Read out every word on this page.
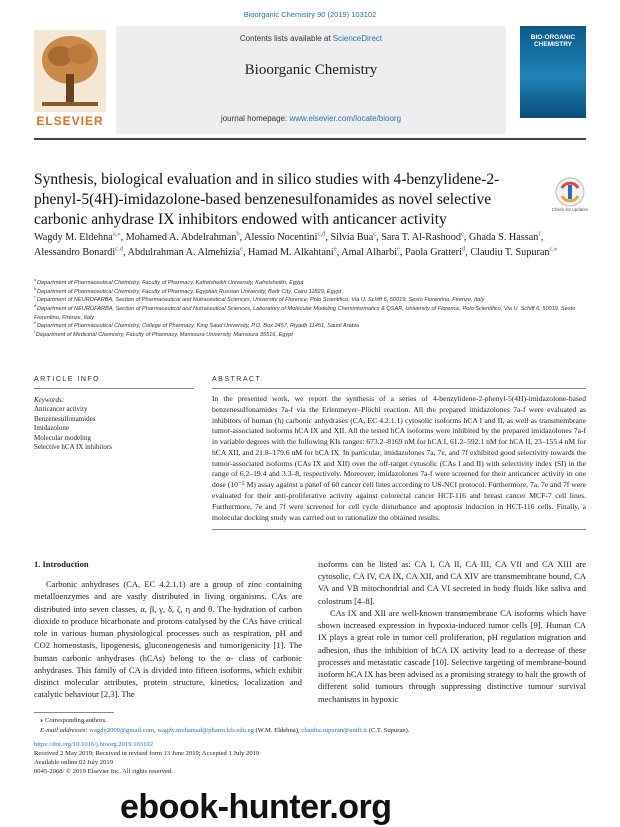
Bioorganic Chemistry 90 (2019) 103102
ELSEVIER
Contents lists available at ScienceDirect
Bioorganic Chemistry
journal homepage: www.elsevier.com/locate/bioorg
BIO-ORGANIC CHEMISTRY
Synthesis, biological evaluation and in silico studies with 4-benzylidene-2-phenyl-5(4H)-imidazolone-based benzenesulfonamides as novel selective carbonic anhydrase IX inhibitors endowed with anticancer activity
Check for updates
Wagdy M. Eldehna$^{a,⁎}$, Mohamed A. Abdelrahman$^b$, Alessio Nocentini$^{c,d}$, Silvia Bua$^c$, Sara T. Al-Rashood$^e$, Ghada S. Hassan$^f$, Alessandro Bonardi$^{c,d}$, Abdulrahman A. Almehizia$^e$, Hamad M. Alkahtani$^e$, Amal Alharbi$^e$, Paola Gratteri$^d$, Claudiu T. Supuran$^{c,⁎}$
$^a$ Department of Pharmaceutical Chemistry, Faculty of Pharmacy, Kafrelsheikh University, Kafrelsheikh, Egypt
$^b$ Department of Pharmaceutical Chemistry, Faculty of Pharmacy, Egyptian Russian University, Badr City, Cairo 11829, Egypt
$^c$ Department of NEUROFARBA, Section of Pharmaceutical and Nutraceutical Sciences, University of Florence, Polo Scientifico, Via U. Schiff 6, 50019, Sesto Fiorentino, Firenze, Italy
$^d$ Department of NEUROFARBA, Section of Pharmaceutical and Nutraceutical Sciences, Laboratory of Molecular Modeling Cheminformatics & QSAR, University of Florence, Polo Scientifico, Via U. Schiff 6, 50019, Sesto Fiorentino, Firenze, Italy
$^e$ Department of Pharmaceutical Chemistry, College of Pharmacy, King Saud University, P.O. Box 2457, Riyadh 11451, Saudi Arabia
$^f$ Department of Medicinal Chemistry, Faculty of Pharmacy, Mansoura University, Mansoura 35516, Egypt
ARTICLE INFO	ABSTRACT
Keywords:
Anticancer activity
Benzenesulfonamides
Imidazolone
Molecular modeling
Selective hCA IX inhibitors
In the presented work, we report the synthesis of a series of 4-benzylidene-2-phenyl-5(4H)-imidazolone-based benzenesulfonamides 7a-f via the Erlenmeyer–Plöchl reaction. All the prepared imidazolones 7a-f were evaluated as inhibitors of human (h) carbonic anhydrases (CA, EC 4.2.1.1) cytosolic isoforms hCA I and II, as well as transmembrane tumor-associated isoforms hCA IX and XII. All the tested hCA isoforms were inhibited by the prepared imidazolones 7a-f in variable degrees with the following KIs ranges: 673.2–8169 nM for hCA I, 61.2–592.1 nM for hCA II, 23–155.4 nM for hCA XII, and 21.8–179.6 nM for hCA IX. In particular, imidazolones 7a, 7e, and 7f exhibited good selectivity towards the tumor-associated isoforms (CAs IX and XII) over the off-target cytosolic (CAs I and II) with selectivity index (SI) in the range of 6.2–19.4 and 3.3–8, respectively. Moreover, imidazolones 7a-f were screened for their anticancer activity in one dose (10⁻⁵ M) assay against a panel of 60 cancer cell lines according to US-NCI protocol. Furthermore, 7a, 7e and 7f were evaluated for their anti-proliferative activity against colorectal cancer HCT-116 and breast cancer MCF-7 cell lines. Furthermore, 7e and 7f were screened for cell cycle disturbance and apoptosis induction in HCT-116 cells. Finally, a molecular docking study was carried out to rationalize the obtained results.
1. Introduction

Carbonic anhydrases (CA, EC 4.2.1.1) are a group of zinc containing metalloenzymes and are vastly distributed in living organisms. CAs are distributed into seven classes, α, β, γ, δ, ζ, η and θ. The hydration of carbon dioxide to produce bicarbonate and protons catalysed by the CAs have critical role in various human physiological processes such as respiration, pH and CO2 homeostasis, lipogenesis, gluconeogenesis and tumorigenicity [1]. The human carbonic anhydrases (hCAs) belong to the α- class of carbonic anhydrases. This family of CA is divided into fifteen isoforms, which exhibit distinct molecular attributes, protein structure, kinetics, localization and catalytic behaviour [2,3]. The

isoforms can be listed as: CA I, CA II, CA III, CA VII and CA XIII are cytosolic, CA IV, CA IX, CA XII, and CA XIV are transmembrane bound, CA VA and VB mitochondrial and CA VI secreted in body fluids like saliva and colostrum [4–8].

CAs IX and XII are well-known transmembrane CA isoforms which have shown increased expression in hypoxia-induced tumor cells [9]. Human CA IX plays a great role in tumor cell proliferation, pH regulation migration and adhesion, thus the inhibition of hCA IX activity lead to a decrease of these processes and metastatic cascade [10]. Selective targeting of membrane-bound isoform hCA IX has been advised as a promising strategy to halt the growth of different solid tumours through suppressing distinctive tumour survival mechanisms in hypoxic

⁎ Corresponding authors.
E-mail addresses: wagdy2000@gmail.com, wagdy.mohamad@pharm.kfs.edu.eg (W.M. Eldehna), claudiu.supuran@unifi.it (C.T. Supuran).
https://doi.org/10.1016/j.bioorg.2019.103102
Received 2 May 2019; Received in revised form 13 June 2019; Accepted 1 July 2019
Available online 02 July 2019
0045-2068/ © 2019 Elsevier Inc. All rights reserved.
ebook-hunter.org
